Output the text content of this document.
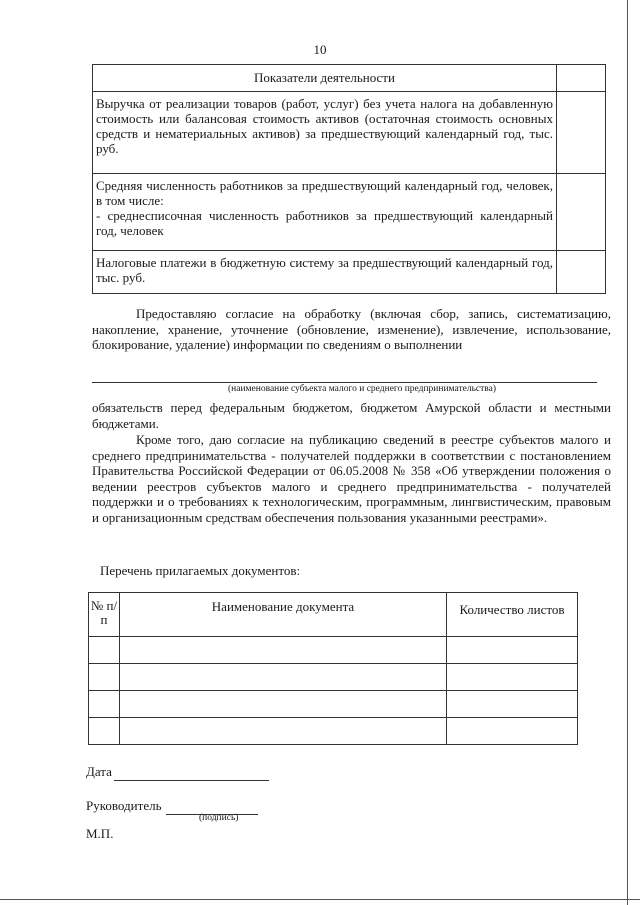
10
Показатели деятельности	
Выручка от реализации товаров (работ, услуг) без учета налога на добавленную стоимость или балансовая стоимость активов (остаточная стоимость основных средств и нематериальных активов) за предшествующий календарный год, тыс. руб.	

Средняя численность работников за предшествующий календарный год, человек, в том числе:
- среднесписочная численность работников за предшествующий календарный год, человек	

Налоговые платежи в бюджетную систему за предшествующий календарный год, тыс. руб.	

Предоставляю согласие на обработку (включая сбор, запись, систематизацию, накопление, хранение, уточнение (обновление, изменение), извлечение, использование, блокирование, удаление) информации по сведениям о выполнении

(наименование субъекта малого и среднего предпринимательства)

обязательств перед федеральным бюджетом, бюджетом Амурской области и местными бюджетами.

Кроме того, даю согласие на публикацию сведений в реестре субъектов малого и среднего предпринимательства - получателей поддержки в соответствии с постановлением Правительства Российской Федерации от 06.05.2008 № 358 «Об утверждении положения о ведении реестров субъектов малого и среднего предпринимательства - получателей поддержки и о требованиях к технологическим, программным, лингвистическим, правовым и организационным средствам обеспечения пользования указанными реестрами».

Перечень прилагаемых документов:
№ п/п	Наименование документа	Количество листов

Дата
Руководитель
(подпись)
М.П.
